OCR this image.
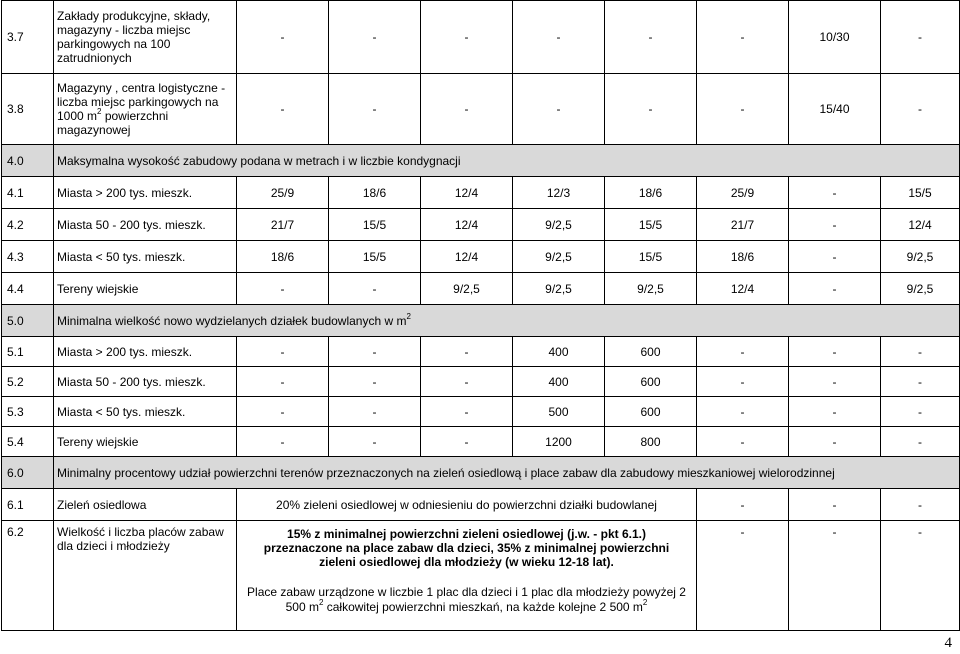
3.7	Zakłady produkcyjne, składy, magazyny - liczba miejsc parkingowych na 100 zatrudnionych	-	-	-	-	-	-	10/30	-
3.8	Magazyny , centra logistyczne - liczba miejsc parkingowych na 1000 $m^2$ powierzchni magazynowej	-	-	-	-	-	-	15/40	-
4.0	Maksymalna wysokość zabudowy podana w metrach i w liczbie kondygnacji								
4.1	Miasta > 200 tys. mieszk.	25/9	18/6	12/4	12/3	18/6	25/9	-	15/5
4.2	Miasta 50 - 200 tys. mieszk.	21/7	15/5	12/4	9/2,5	15/5	21/7	-	12/4
4.3	Miasta < 50 tys. mieszk.	18/6	15/5	12/4	9/2,5	15/5	18/6	-	9/2,5
4.4	Tereny wiejskie	-	-	9/2,5	9/2,5	9/2,5	12/4	-	9/2,5
5.0	Minimalna wielkość nowo wydzielanych działek budowlanych w $m^2$
5.1	Miasta > 200 tys. mieszk.	-	-	-	400	600	-	-	-
5.2	Miasta 50 - 200 tys. mieszk.	-	-	-	400	600	-	-	-
5.3	Miasta < 50 tys. mieszk.	-	-	-	500	600	-	-	-
5.4	Tereny wiejskie	-	-	-	1200	800	-	-	-
6.0	Minimalny procentowy udział powierzchni terenów przeznaczonych na zieleń osiedlową i place zabaw dla zabudowy mieszkaniowej wielorodzinnej								
6.1	Zieleń osiedlowa	20% zieleni osiedlowej w odniesieniu do powierzchni działki budowlanej					-	-	-
6.2	Wielkość i liczba placów zabaw dla dzieci i młodzieży	15% z minimalnej powierzchni zieleni osiedlowej (j.w. - pkt 6.1.) przeznaczone na place zabaw dla dzieci, 35% z minimalnej powierzchni zieleni osiedlowej dla młodzieży (w wieku 12-18 lat).
Place zabaw urządzone w liczbie 1 plac dla dzieci i 1 plac dla młodzieży powyżej 2 500 $m^2$ całkowitej powierzchni mieszkań, na każde kolejne 2 500 $m^2$					-	-	-
4
